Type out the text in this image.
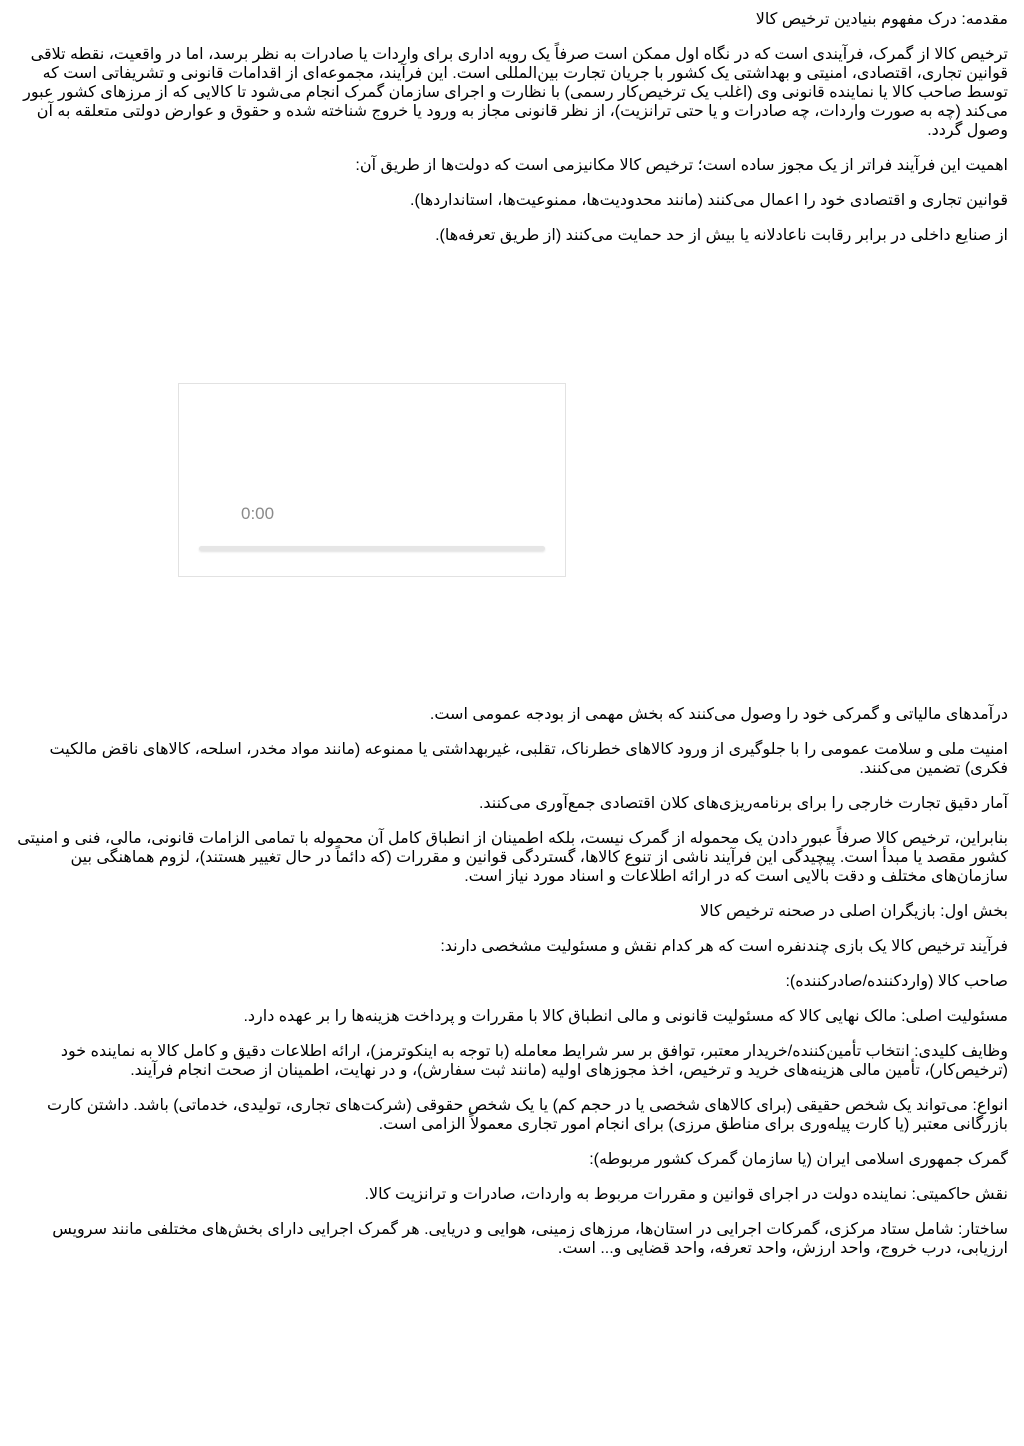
مقدمه: درک مفهوم بنیادین ترخیص کالا

ترخیص کالا از گمرک، فرآیندی است که در نگاه اول ممکن است صرفاً یک رویه اداری برای واردات یا صادرات به نظر برسد، اما در واقعیت، نقطه تلاقی قوانین تجاری، اقتصادی، امنیتی و بهداشتی یک کشور با جریان تجارت بین‌المللی است. این فرآیند، مجموعه‌ای از اقدامات قانونی و تشریفاتی است که توسط صاحب کالا یا نماینده قانونی وی (اغلب یک ترخیص‌کار رسمی) با نظارت و اجرای سازمان گمرک انجام می‌شود تا کالایی که از مرزهای کشور عبور می‌کند (چه به صورت واردات، چه صادرات و یا حتی ترانزیت)، از نظر قانونی مجاز به ورود یا خروج شناخته شده و حقوق و عوارض دولتی متعلقه به آن وصول گردد.

اهمیت این فرآیند فراتر از یک مجوز ساده است؛ ترخیص کالا مکانیزمی است که دولت‌ها از طریق آن:

قوانین تجاری و اقتصادی خود را اعمال می‌کنند (مانند محدودیت‌ها، ممنوعیت‌ها، استانداردها).

از صنایع داخلی در برابر رقابت ناعادلانه یا بیش از حد حمایت می‌کنند (از طریق تعرفه‌ها).

0:00

درآمدهای مالیاتی و گمرکی خود را وصول می‌کنند که بخش مهمی از بودجه عمومی است.

امنیت ملی و سلامت عمومی را با جلوگیری از ورود کالاهای خطرناک، تقلبی، غیربهداشتی یا ممنوعه (مانند مواد مخدر، اسلحه، کالاهای ناقض مالکیت فکری) تضمین می‌کنند.

آمار دقیق تجارت خارجی را برای برنامه‌ریزی‌های کلان اقتصادی جمع‌آوری می‌کنند.

بنابراین، ترخیص کالا صرفاً عبور دادن یک محموله از گمرک نیست، بلکه اطمینان از انطباق کامل آن محموله با تمامی الزامات قانونی، مالی، فنی و امنیتی کشور مقصد یا مبدأ است. پیچیدگی این فرآیند ناشی از تنوع کالاها، گستردگی قوانین و مقررات (که دائماً در حال تغییر هستند)، لزوم هماهنگی بین سازمان‌های مختلف و دقت بالایی است که در ارائه اطلاعات و اسناد مورد نیاز است.

بخش اول: بازیگران اصلی در صحنه ترخیص کالا

فرآیند ترخیص کالا یک بازی چندنفره است که هر کدام نقش و مسئولیت مشخصی دارند:

صاحب کالا (واردکننده/صادرکننده):

مسئولیت اصلی: مالک نهایی کالا که مسئولیت قانونی و مالی انطباق کالا با مقررات و پرداخت هزینه‌ها را بر عهده دارد.

وظایف کلیدی: انتخاب تأمین‌کننده/خریدار معتبر، توافق بر سر شرایط معامله (با توجه به اینکوترمز)، ارائه اطلاعات دقیق و کامل کالا به نماینده خود (ترخیص‌کار)، تأمین مالی هزینه‌های خرید و ترخیص، اخذ مجوزهای اولیه (مانند ثبت سفارش)، و در نهایت، اطمینان از صحت انجام فرآیند.

انواع: می‌تواند یک شخص حقیقی (برای کالاهای شخصی یا در حجم کم) یا یک شخص حقوقی (شرکت‌های تجاری، تولیدی، خدماتی) باشد. داشتن کارت بازرگانی معتبر (یا کارت پیله‌وری برای مناطق مرزی) برای انجام امور تجاری معمولاً الزامی است.

گمرک جمهوری اسلامی ایران (یا سازمان گمرک کشور مربوطه):

نقش حاکمیتی: نماینده دولت در اجرای قوانین و مقررات مربوط به واردات، صادرات و ترانزیت کالا.

ساختار: شامل ستاد مرکزی، گمرکات اجرایی در استان‌ها، مرزهای زمینی، هوایی و دریایی. هر گمرک اجرایی دارای بخش‌های مختلفی مانند سرویس ارزیابی، درب خروج، واحد ارزش، واحد تعرفه، واحد قضایی و... است.
